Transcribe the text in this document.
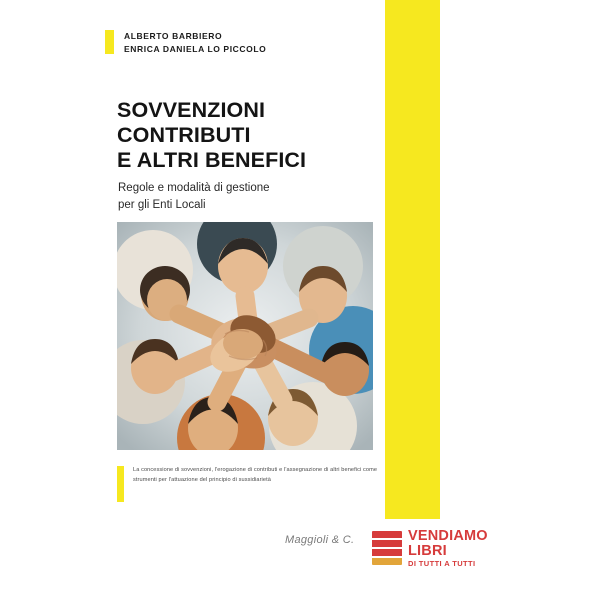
ALBERTO BARBIERO
ENRICA DANIELA LO PICCOLO
SOVVENZIONI
CONTRIBUTI
E ALTRI BENEFICI
Regole e modalità di gestione
per gli Enti Locali
La concessione di sovvenzioni, l'erogazione di contributi e l'assegnazione di altri benefici come strumenti per l'attuazione del principio di sussidiarietà
Maggioli & C.	VENDIAMO
LIBRI
DI TUTTI A TUTTI
